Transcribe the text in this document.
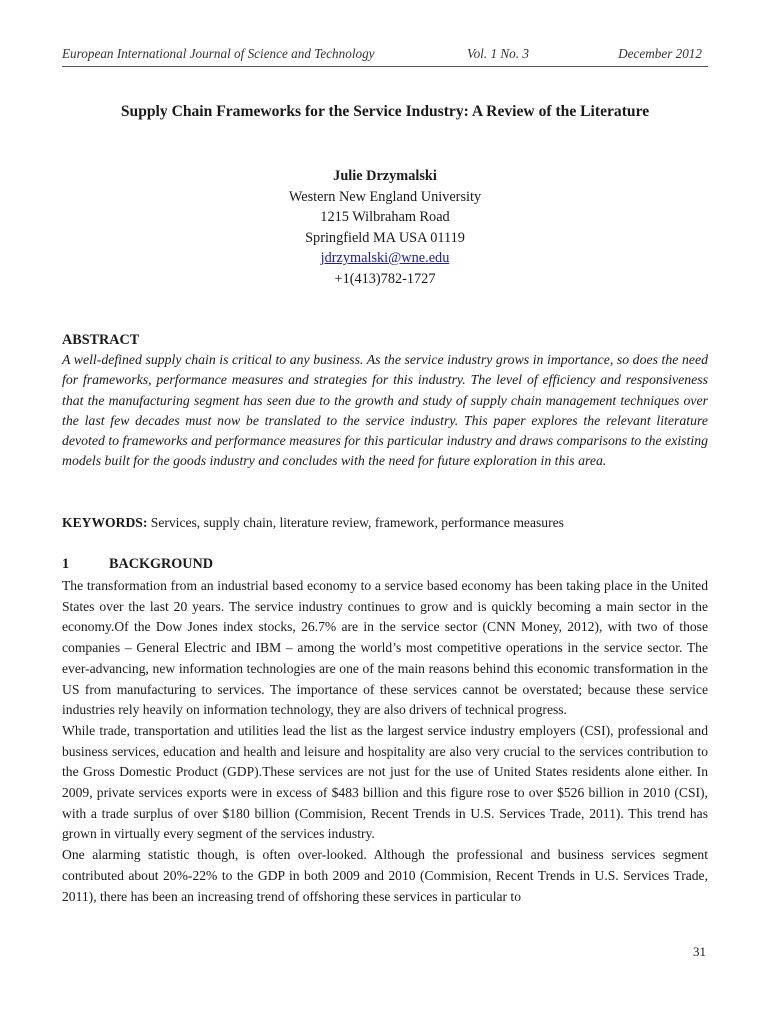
European International Journal of Science and Technology	Vol. 1 No. 3	December 2012
Supply Chain Frameworks for the Service Industry: A Review of the Literature
Julie Drzymalski
Western New England University
1215 Wilbraham Road
Springfield MA USA 01119
jdrzymalski@wne.edu
+1(413)782-1727
ABSTRACT
A well-defined supply chain is critical to any business. As the service industry grows in importance, so does the need for frameworks, performance measures and strategies for this industry. The level of efficiency and responsiveness that the manufacturing segment has seen due to the growth and study of supply chain management techniques over the last few decades must now be translated to the service industry. This paper explores the relevant literature devoted to frameworks and performance measures for this particular industry and draws comparisons to the existing models built for the goods industry and concludes with the need for future exploration in this area.
KEYWORDS: Services, supply chain, literature review, framework, performance measures
1	BACKGROUND

The transformation from an industrial based economy to a service based economy has been taking place in the United States over the last 20 years. The service industry continues to grow and is quickly becoming a main sector in the economy.Of the Dow Jones index stocks, 26.7% are in the service sector (CNN Money, 2012), with two of those companies – General Electric and IBM – among the world’s most competitive operations in the service sector. The ever-advancing, new information technologies are one of the main reasons behind this economic transformation in the US from manufacturing to services. The importance of these services cannot be overstated; because these service industries rely heavily on information technology, they are also drivers of technical progress.

While trade, transportation and utilities lead the list as the largest service industry employers (CSI), professional and business services, education and health and leisure and hospitality are also very crucial to the services contribution to the Gross Domestic Product (GDP).These services are not just for the use of United States residents alone either. In 2009, private services exports were in excess of $483 billion and this figure rose to over $526 billion in 2010 (CSI), with a trade surplus of over $180 billion (Commision, Recent Trends in U.S. Services Trade, 2011). This trend has grown in virtually every segment of the services industry.

One alarming statistic though, is often over-looked. Although the professional and business services segment contributed about 20%-22% to the GDP in both 2009 and 2010 (Commision, Recent Trends in U.S. Services Trade, 2011), there has been an increasing trend of offshoring these services in particular to

31
